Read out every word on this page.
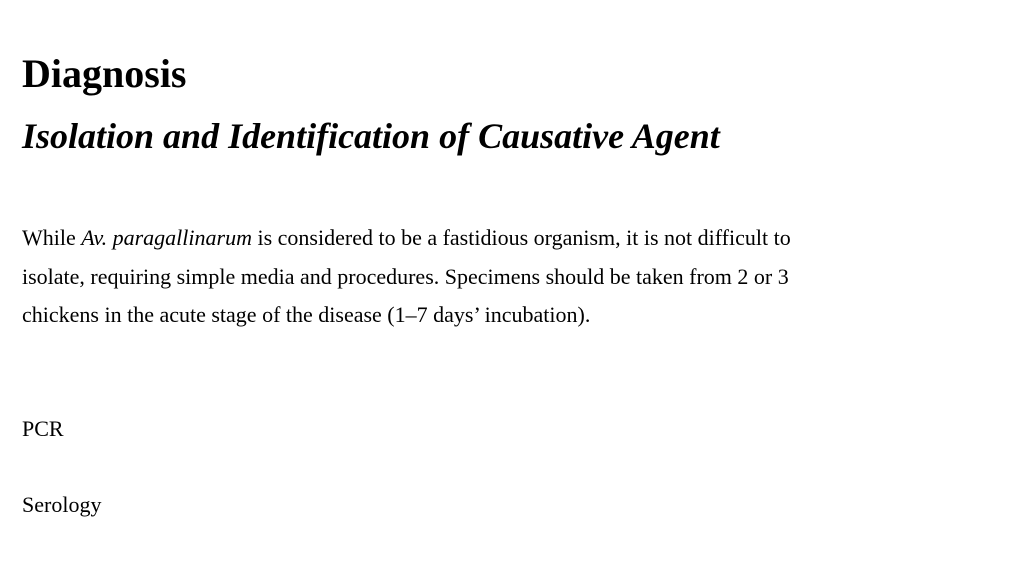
Diagnosis
Isolation and Identification of Causative Agent

While Av. paragallinarum is considered to be a fastidious organism, it is not difficult to isolate, requiring simple media and procedures. Specimens should be taken from 2 or 3 chickens in the acute stage of the disease (1–7 days’ incubation).

PCR

Serology
